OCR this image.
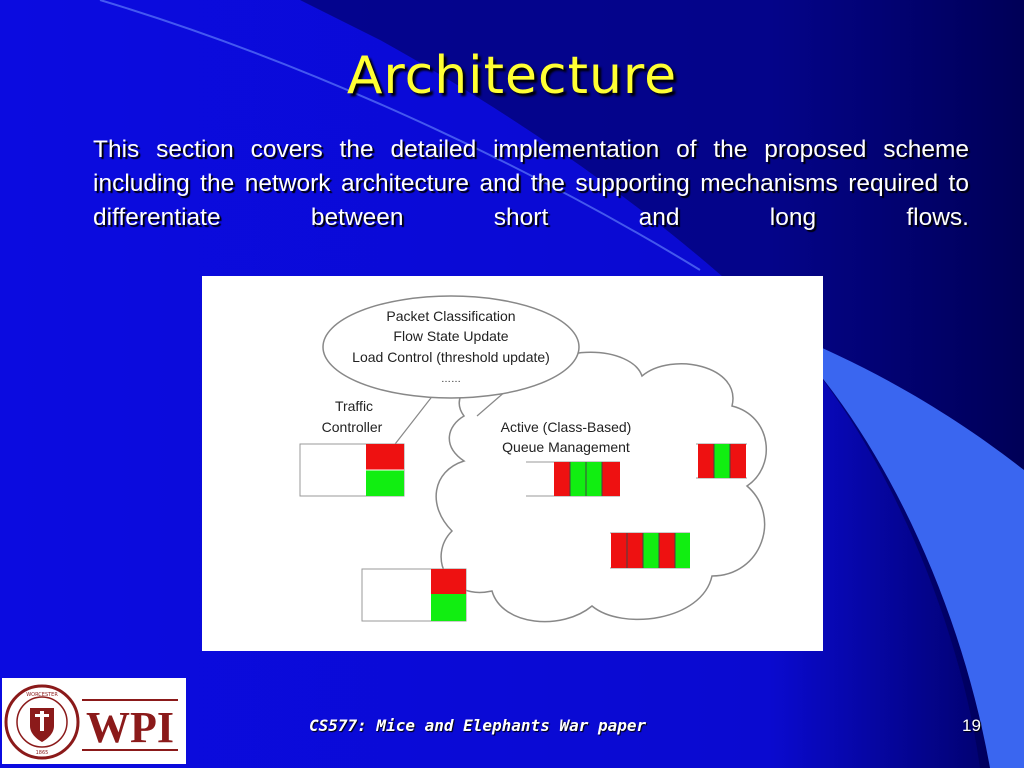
Architecture
This section covers the detailed implementation of the proposed scheme including the network architecture and the supporting mechanisms required to differentiate between short and long flows.
Packet Classification
Flow State Update
Load Control (threshold update)
……
Traffic
Controller	Active (Class-Based)
Queue Management
WORCESTER
1865
WPI	CS577: Mice and Elephants War paper	19
